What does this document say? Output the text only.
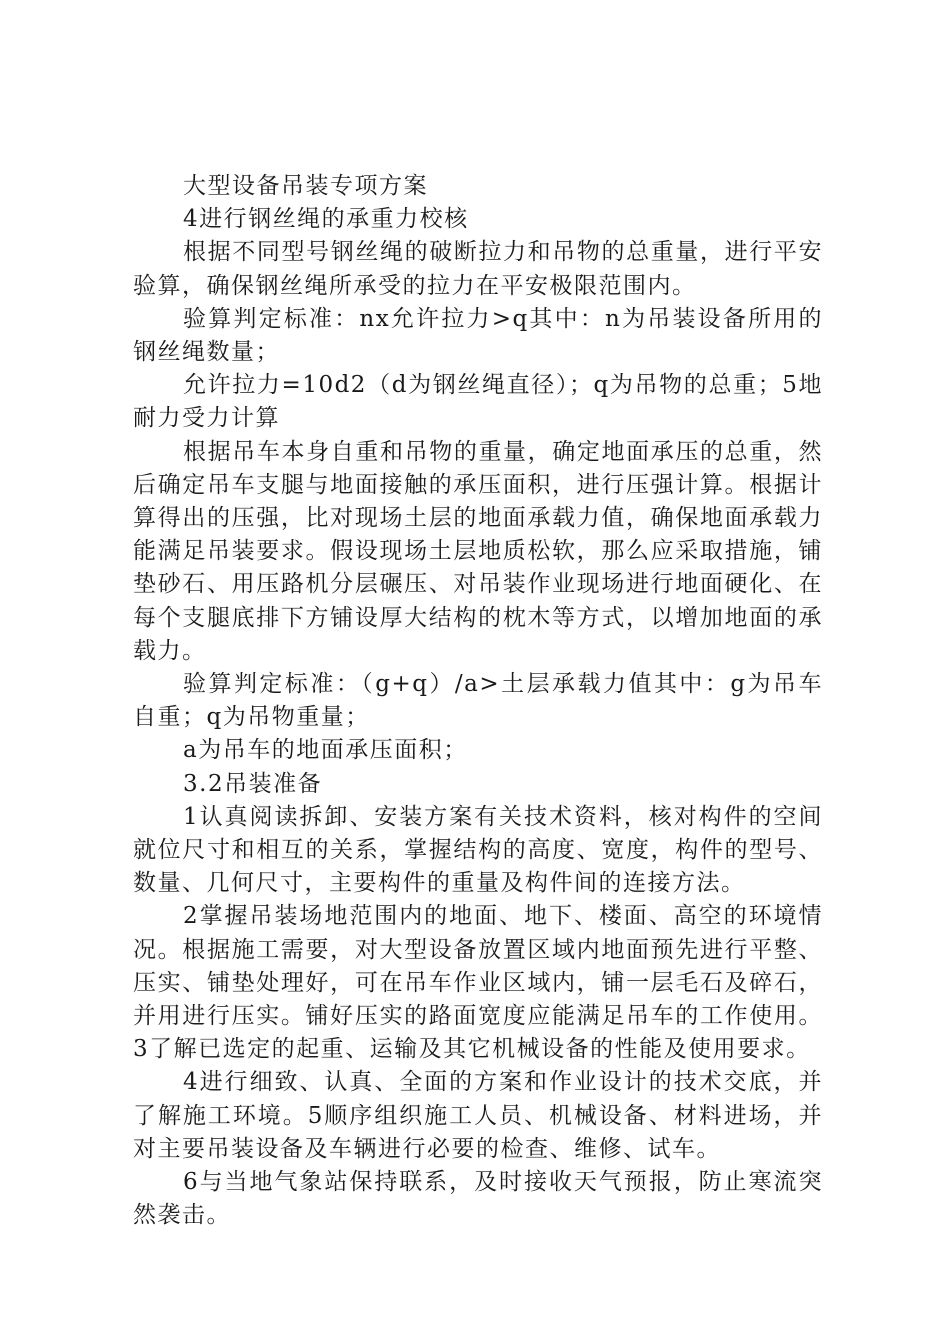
大型设备吊装专项方案

4进行钢丝绳的承重力校核

根据不同型号钢丝绳的破断拉力和吊物的总重量，进行平安验算，确保钢丝绳所承受的拉力在平安极限范围内。

验算判定标准：nx允许拉力>q其中：n为吊装设备所用的钢丝绳数量；

允许拉力=10d2（d为钢丝绳直径）；q为吊物的总重；5地耐力受力计算

根据吊车本身自重和吊物的重量，确定地面承压的总重，然后确定吊车支腿与地面接触的承压面积，进行压强计算。根据计算得出的压强，比对现场土层的地面承载力值，确保地面承载力能满足吊装要求。假设现场土层地质松软，那么应采取措施，铺垫砂石、用压路机分层碾压、对吊装作业现场进行地面硬化、在每个支腿底排下方铺设厚大结构的枕木等方式，以增加地面的承载力。

验算判定标准：（g+q）/a>土层承载力值其中：g为吊车自重；q为吊物重量；

a为吊车的地面承压面积；

3.2吊装准备

1认真阅读拆卸、安装方案有关技术资料，核对构件的空间就位尺寸和相互的关系，掌握结构的高度、宽度，构件的型号、数量、几何尺寸，主要构件的重量及构件间的连接方法。

2掌握吊装场地范围内的地面、地下、楼面、高空的环境情况。根据施工需要，对大型设备放置区域内地面预先进行平整、压实、铺垫处理好，可在吊车作业区域内，铺一层毛石及碎石，并用进行压实。铺好压实的路面宽度应能满足吊车的工作使用。3了解已选定的起重、运输及其它机械设备的性能及使用要求。

4进行细致、认真、全面的方案和作业设计的技术交底，并了解施工环境。5顺序组织施工人员、机械设备、材料进场，并对主要吊装设备及车辆进行必要的检查、维修、试车。

6与当地气象站保持联系，及时接收天气预报，防止寒流突然袭击。
